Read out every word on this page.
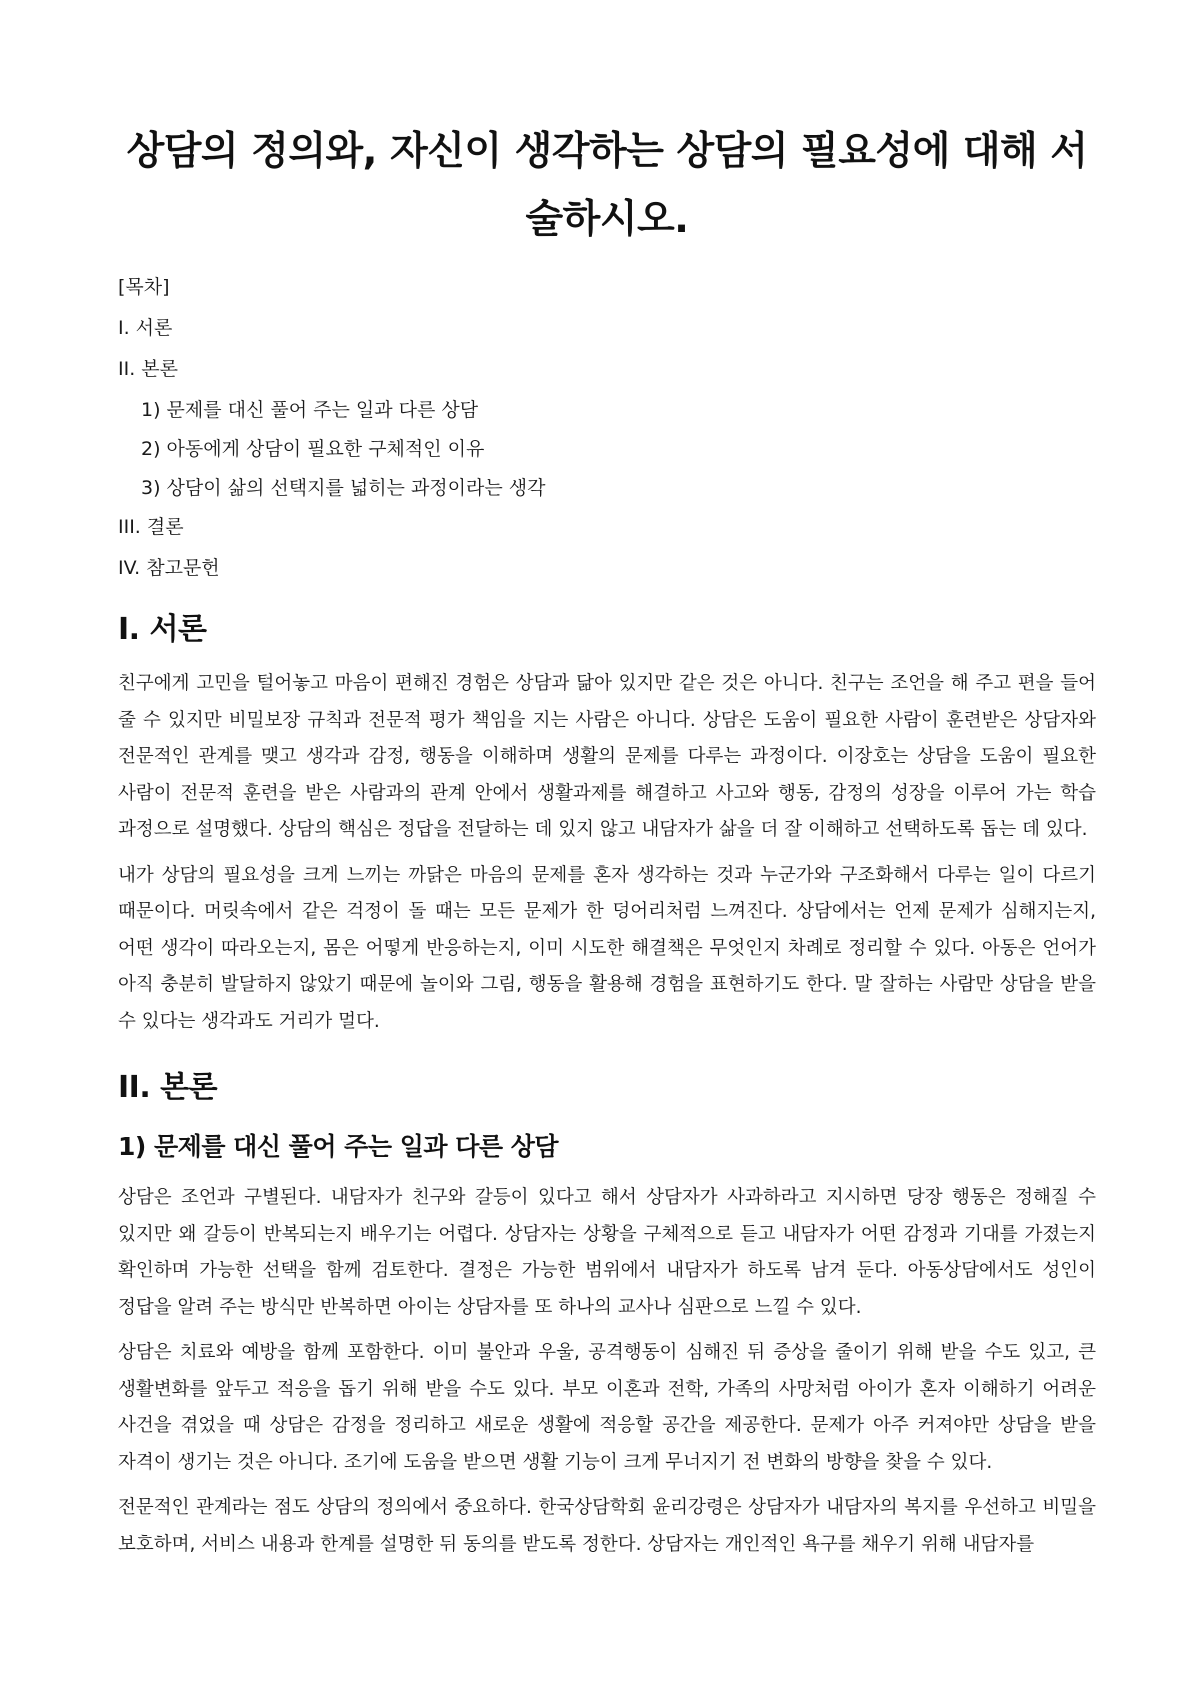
상담의 정의와, 자신이 생각하는 상담의 필요성에 대해 서술하시오.
[목차]
I. 서론
II. 본론
1) 문제를 대신 풀어 주는 일과 다른 상담
2) 아동에게 상담이 필요한 구체적인 이유
3) 상담이 삶의 선택지를 넓히는 과정이라는 생각
III. 결론
IV. 참고문헌
I. 서론

친구에게 고민을 털어놓고 마음이 편해진 경험은 상담과 닮아 있지만 같은 것은 아니다. 친구는 조언을 해 주고 편을 들어 줄 수 있지만 비밀보장 규칙과 전문적 평가 책임을 지는 사람은 아니다. 상담은 도움이 필요한 사람이 훈련받은 상담자와 전문적인 관계를 맺고 생각과 감정, 행동을 이해하며 생활의 문제를 다루는 과정이다. 이장호는 상담을 도움이 필요한 사람이 전문적 훈련을 받은 사람과의 관계 안에서 생활과제를 해결하고 사고와 행동, 감정의 성장을 이루어 가는 학습 과정으로 설명했다. 상담의 핵심은 정답을 전달하는 데 있지 않고 내담자가 삶을 더 잘 이해하고 선택하도록 돕는 데 있다.

내가 상담의 필요성을 크게 느끼는 까닭은 마음의 문제를 혼자 생각하는 것과 누군가와 구조화해서 다루는 일이 다르기 때문이다. 머릿속에서 같은 걱정이 돌 때는 모든 문제가 한 덩어리처럼 느껴진다. 상담에서는 언제 문제가 심해지는지, 어떤 생각이 따라오는지, 몸은 어떻게 반응하는지, 이미 시도한 해결책은 무엇인지 차례로 정리할 수 있다. 아동은 언어가 아직 충분히 발달하지 않았기 때문에 놀이와 그림, 행동을 활용해 경험을 표현하기도 한다. 말 잘하는 사람만 상담을 받을 수 있다는 생각과도 거리가 멀다.

II. 본론
1) 문제를 대신 풀어 주는 일과 다른 상담

상담은 조언과 구별된다. 내담자가 친구와 갈등이 있다고 해서 상담자가 사과하라고 지시하면 당장 행동은 정해질 수 있지만 왜 갈등이 반복되는지 배우기는 어렵다. 상담자는 상황을 구체적으로 듣고 내담자가 어떤 감정과 기대를 가졌는지 확인하며 가능한 선택을 함께 검토한다. 결정은 가능한 범위에서 내담자가 하도록 남겨 둔다. 아동상담에서도 성인이 정답을 알려 주는 방식만 반복하면 아이는 상담자를 또 하나의 교사나 심판으로 느낄 수 있다.

상담은 치료와 예방을 함께 포함한다. 이미 불안과 우울, 공격행동이 심해진 뒤 증상을 줄이기 위해 받을 수도 있고, 큰 생활변화를 앞두고 적응을 돕기 위해 받을 수도 있다. 부모 이혼과 전학, 가족의 사망처럼 아이가 혼자 이해하기 어려운 사건을 겪었을 때 상담은 감정을 정리하고 새로운 생활에 적응할 공간을 제공한다. 문제가 아주 커져야만 상담을 받을 자격이 생기는 것은 아니다. 조기에 도움을 받으면 생활 기능이 크게 무너지기 전 변화의 방향을 찾을 수 있다.

전문적인 관계라는 점도 상담의 정의에서 중요하다. 한국상담학회 윤리강령은 상담자가 내담자의 복지를 우선하고 비밀을 보호하며, 서비스 내용과 한계를 설명한 뒤 동의를 받도록 정한다. 상담자는 개인적인 욕구를 채우기 위해 내담자를
